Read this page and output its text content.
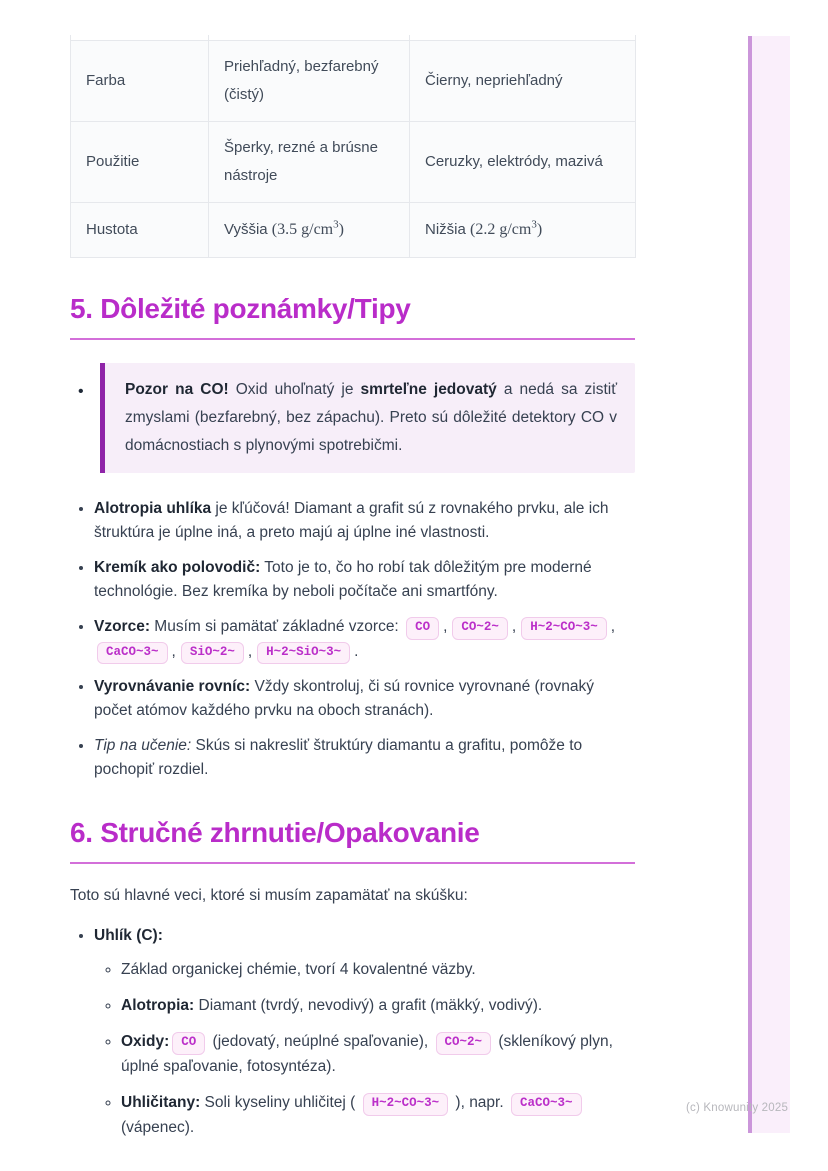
(c) Knowunity 2025

Farba	Priehľadný, bezfarebný (čistý)	Čierny, nepriehľadný
Použitie	Šperky, rezné a brúsne nástroje	Ceruzky, elektródy, mazivá
Hustota	Vyššia (3.5 $g/cm^3$)	Nižšia (2.2 $g/cm^3$)
5. Dôležité poznámky/Tipy
•

Pozor na CO! Oxid uhoľnatý je smrteľne jedovatý a nedá sa zistiť zmyslami (bezfarebný, bez zápachu). Preto sú dôležité detektory CO v domácnostiach s plynovými spotrebičmi.

• Alotropia uhlíka je kľúčová! Diamant a grafit sú z rovnakého prvku, ale ich štruktúra je úplne iná, a preto majú aj úplne iné vlastnosti.
• Kremík ako polovodič: Toto je to, čo ho robí tak dôležitým pre moderné technológie. Bez kremíka by neboli počítače ani smartfóny.
• Vzorce: Musím si pamätať základné vzorce: CO , CO~2~ , H~2~CO~3~ ,CaCO~3~ , SiO~2~ , H~2~SiO~3~ .
• Vyrovnávanie rovníc: Vždy skontroluj, či sú rovnice vyrovnané (rovnaký počet atómov každého prvku na oboch stranách).
• Tip na učenie: Skús si nakresliť štruktúry diamantu a grafitu, pomôže to pochopiť rozdiel.
6. Stručné zhrnutie/Opakovanie

Toto sú hlavné veci, ktoré si musím zapamätať na skúšku:

• Uhlík (C):
◦ Základ organickej chémie, tvorí 4 kovalentné väzby.
◦ Alotropia: Diamant (tvrdý, nevodivý) a grafit (mäkký, vodivý).
◦ Oxidy: CO (jedovatý, neúplné spaľovanie), CO~2~ (skleníkový plyn, úplné spaľovanie, fotosyntéza).
◦ Uhličitany: Soli kyseliny uhličitej ( H~2~CO~3~ ), napr. CaCO~3~ (vápenec).
